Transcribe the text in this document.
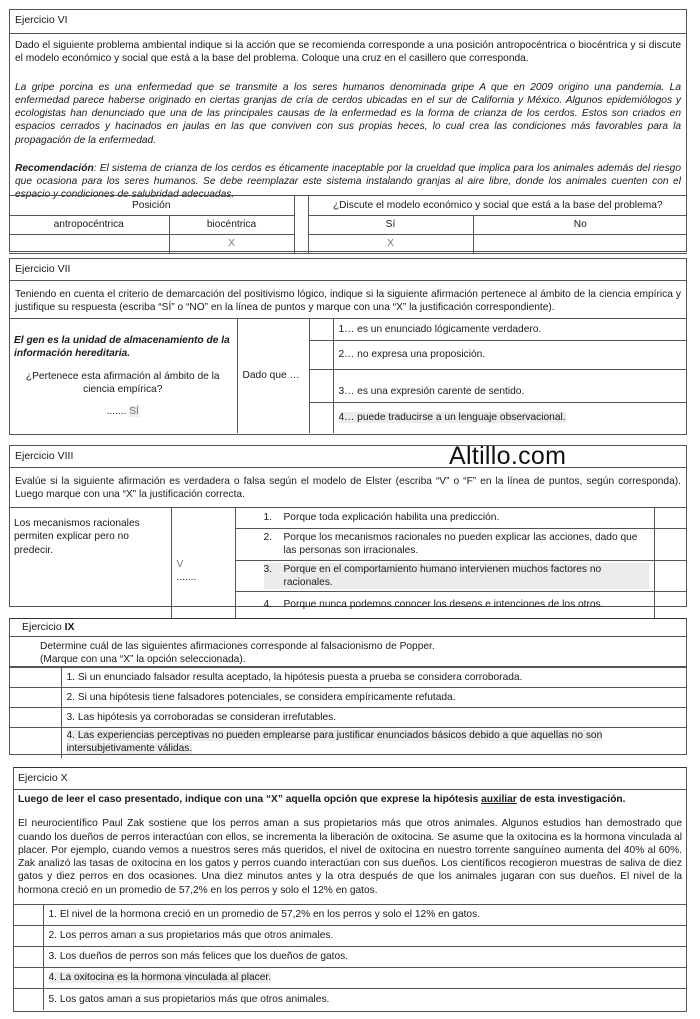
Ejercicio VI
Dado el siguiente problema ambiental indique si la acción que se recomienda corresponde a una posición antropocéntrica o biocéntrica y si discute el modelo económico y social que está a la base del problema. Coloque una cruz en el casillero que corresponda.
La gripe porcina es una enfermedad que se transmite a los seres humanos denominada gripe A que en 2009 origino una pandemia. La enfermedad parece haberse originado en ciertas granjas de cría de cerdos ubicadas en el sur de California y México. Algunos epidemiólogos y ecologistas han denunciado que una de las principales causas de la enfermedad es la forma de crianza de los cerdos. Estos son criados en espacios cerrados y hacinados en jaulas en las que conviven con sus propias heces, lo cual crea las condiciones más favorables para la propagación de la enfermedad.
Recomendación: El sistema de crianza de los cerdos es éticamente inaceptable por la crueldad que implica para los animales además del riesgo que ocasiona para los seres humanos. Se debe reemplazar este sistema instalando granjas al aire libre, donde los animales cuenten con el espacio y condiciones de salubridad adecuadas.
Posición			¿Discute el modelo económico y social que está a la base del problema?	
antropocéntrica	biocéntrica		Sí	No
	X		X	
Ejercicio VII
Teniendo en cuenta el criterio de demarcación del positivismo lógico, indique si la siguiente afirmación pertenece al ámbito de la ciencia empírica y justifique su respuesta (escriba “SÍ” o “NO” en la línea de puntos y marque con una “X” la justificación correspondiente).
El gen es la unidad de almacenamiento de la información hereditaria.
¿Pertenece esta afirmación al ámbito de la ciencia empírica?
....... SÍ	Dado que …		1… es un enunciado lógicamente verdadero.
			2… no expresa una proposición.
			3… es una expresión carente de sentido.
			4… puede traducirse a un lenguaje observacional.
Ejercicio VIII
Evalúe si la siguiente afirmación es verdadera o falsa según el modelo de Elster (escriba “V” o “F” en la línea de puntos, según corresponda). Luego marque con una “X” la justificación correcta.
Los mecanismos racionales permiten explicar pero no predecir.	V
.......	1. Porque toda explicación habilita una predicción.	

		2. Porque los mecanismos racionales no pueden explicar las acciones, dado que las personas son irracionales.	

		3. Porque en el comportamiento humano intervienen muchos factores no racionales.	

		4. Porque nunca podemos conocer los deseos e intenciones de los otros.	
Altillo.com
Ejercicio IX
Determine cuál de las siguientes afirmaciones corresponde al falsacionismo de Popper.
(Marque con una “X” la opción seleccionada).
	1. Si un enunciado falsador resulta aceptado, la hipótesis puesta a prueba se considera corroborada.
	2. Si una hipótesis tiene falsadores potenciales, se considera empíricamente refutada.
	3. Las hipótesis ya corroboradas se consideran irrefutables.
	4. Las experiencias perceptivas no pueden emplearse para justificar enunciados básicos debido a que aquellas no son intersubjetivamente válidas.
Ejercicio X
Luego de leer el caso presentado, indique con una “X” aquella opción que exprese la hipótesis auxiliar de esta investigación.
El neurocientífico Paul Zak sostiene que los perros aman a sus propietarios más que otros animales. Algunos estudios han demostrado que cuando los dueños de perros interactúan con ellos, se incrementa la liberación de oxitocina. Se asume que la oxitocina es la hormona vinculada al placer. Por ejemplo, cuando vemos a nuestros seres más queridos, el nivel de oxitocina en nuestro torrente sanguíneo aumenta del 40% al 60%. Zak analizó las tasas de oxitocina en los gatos y perros cuando interactúan con sus dueños. Los científicos recogieron muestras de saliva de diez gatos y diez perros en dos ocasiones. Una diez minutos antes y la otra después de que los animales jugaran con sus dueños. El nivel de la hormona creció en un promedio de 57,2% en los perros y solo el 12% en gatos.
	1. El nivel de la hormona creció en un promedio de 57,2% en los perros y solo el 12% en gatos.
	2. Los perros aman a sus propietarios más que otros animales.
	3. Los dueños de perros son más felices que los dueños de gatos.
	4. La oxitocina es la hormona vinculada al placer.
	5. Los gatos aman a sus propietarios más que otros animales.
